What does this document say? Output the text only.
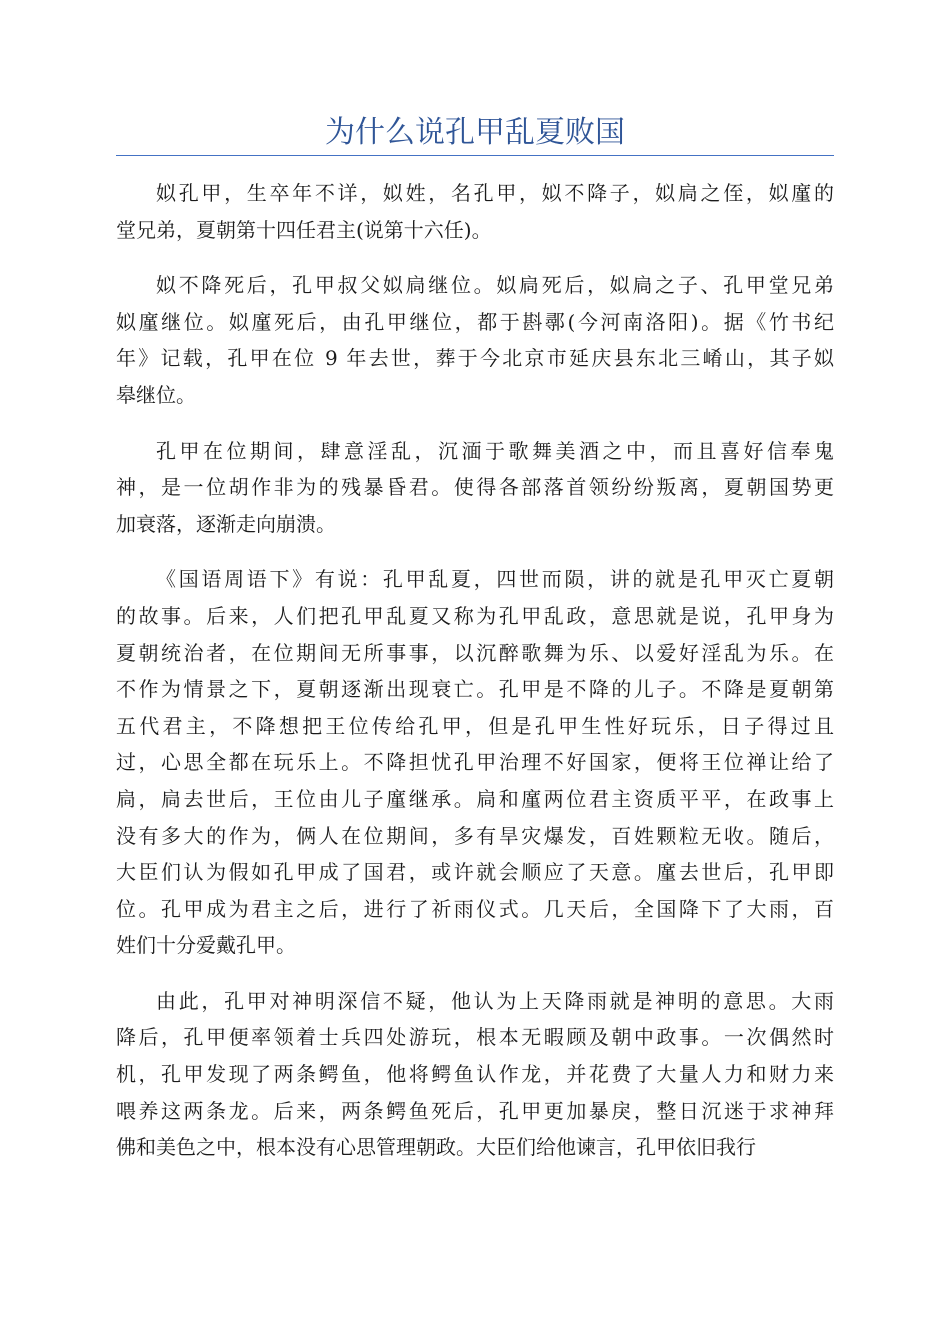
为什么说孔甲乱夏败国

姒孔甲，生卒年不详，姒姓，名孔甲，姒不降子，姒扃之侄，姒廑的
堂兄弟，夏朝第十四任君主(说第十六任)。

姒不降死后，孔甲叔父姒扃继位。姒扃死后，姒扃之子、孔甲堂兄弟
姒廑继位。姒廑死后，由孔甲继位，都于斟鄩(今河南洛阳)。据《竹书纪
年》记载，孔甲在位 9 年去世，葬于今北京市延庆县东北三崤山，其子姒
皋继位。

孔甲在位期间，肆意淫乱，沉湎于歌舞美酒之中，而且喜好信奉鬼
神，是一位胡作非为的残暴昏君。使得各部落首领纷纷叛离，夏朝国势更
加衰落，逐渐走向崩溃。

《国语周语下》有说：孔甲乱夏，四世而陨，讲的就是孔甲灭亡夏朝
的故事。后来，人们把孔甲乱夏又称为孔甲乱政，意思就是说，孔甲身为
夏朝统治者，在位期间无所事事，以沉醉歌舞为乐、以爱好淫乱为乐。在
不作为情景之下，夏朝逐渐出现衰亡。孔甲是不降的儿子。不降是夏朝第
五代君主，不降想把王位传给孔甲，但是孔甲生性好玩乐，日子得过且
过，心思全都在玩乐上。不降担忧孔甲治理不好国家，便将王位禅让给了
扃，扃去世后，王位由儿子廑继承。扃和廑两位君主资质平平，在政事上
没有多大的作为，俩人在位期间，多有旱灾爆发，百姓颗粒无收。随后，
大臣们认为假如孔甲成了国君，或许就会顺应了天意。廑去世后，孔甲即
位。孔甲成为君主之后，进行了祈雨仪式。几天后，全国降下了大雨，百
姓们十分爱戴孔甲。

由此，孔甲对神明深信不疑，他认为上天降雨就是神明的意思。大雨
降后，孔甲便率领着士兵四处游玩，根本无暇顾及朝中政事。一次偶然时
机，孔甲发现了两条鳄鱼，他将鳄鱼认作龙，并花费了大量人力和财力来
喂养这两条龙。后来，两条鳄鱼死后，孔甲更加暴戾，整日沉迷于求神拜
佛和美色之中，根本没有心思管理朝政。大臣们给他谏言，孔甲依旧我行
